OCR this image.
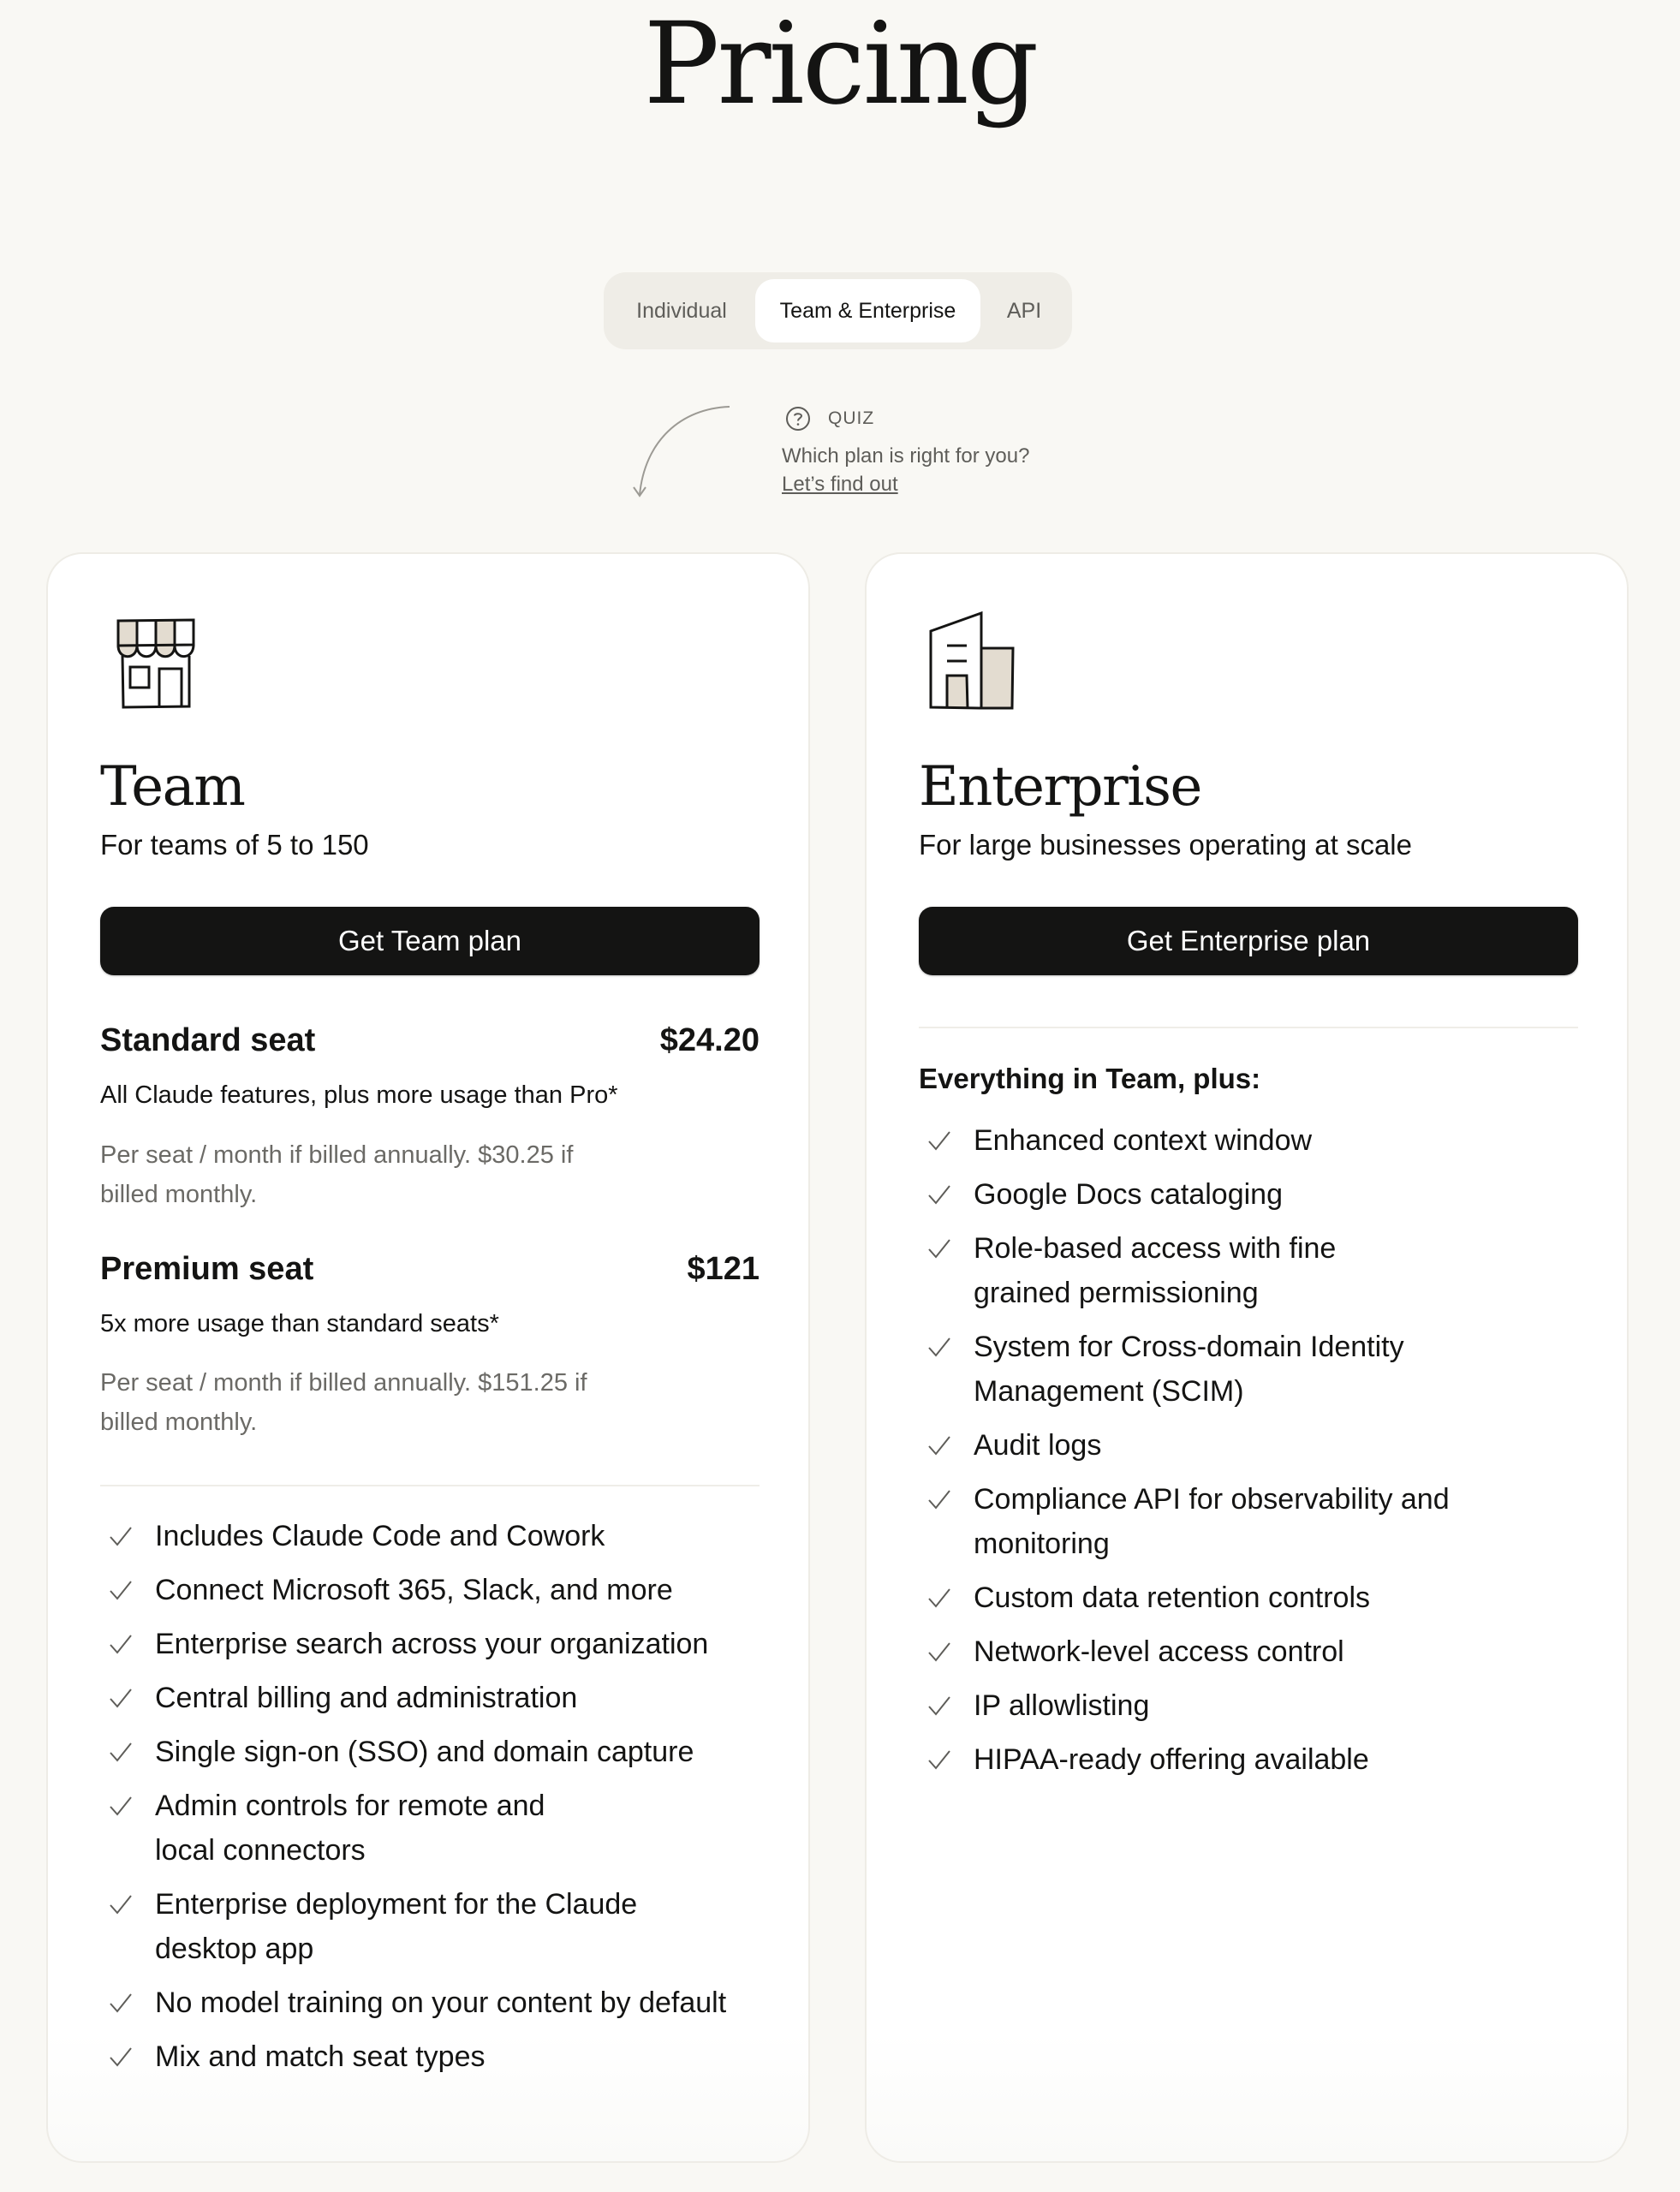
Pricing
Individual	Team & Enterprise	API
QUIZ
Which plan is right for you?
Let’s find out
Team
For teams of 5 to 150
Get Team plan
Standard seat	$24.20
All Claude features, plus more usage than Pro*
Per seat / month if billed annually. $30.25 if billed monthly.
Premium seat	$121
5x more usage than standard seats*
Per seat / month if billed annually. $151.25 if billed monthly.
Includes Claude Code and Cowork
Connect Microsoft 365, Slack, and more
Enterprise search across your organization
Central billing and administration
Single sign-on (SSO) and domain capture
Admin controls for remote and local connectors
Enterprise deployment for the Claude desktop app
No model training on your content by default
Mix and match seat types
Enterprise
For large businesses operating at scale
Get Enterprise plan
Everything in Team, plus:
Enhanced context window
Google Docs cataloging
Role-based access with fine grained permissioning
System for Cross-domain Identity Management (SCIM)
Audit logs
Compliance API for observability and monitoring
Custom data retention controls
Network-level access control
IP allowlisting
HIPAA-ready offering available
